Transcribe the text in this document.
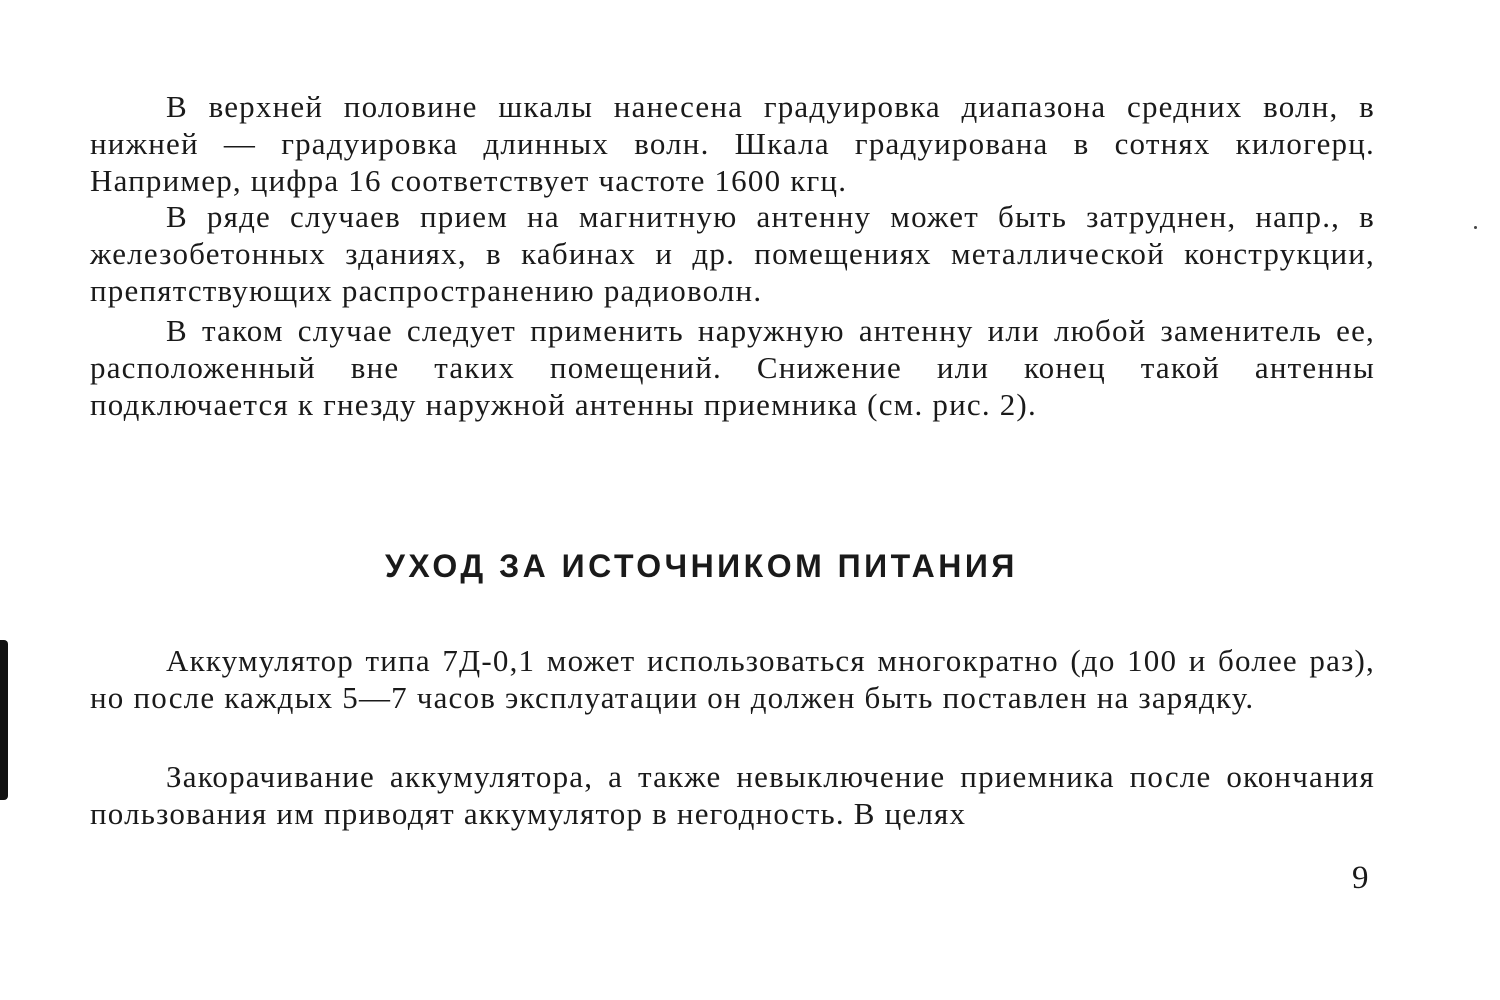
В верхней половине шкалы нанесена градуировка диапазона средних волн, в нижней — градуировка длинных волн. Шкала градуирована в сотнях килогерц. Например, цифра 16 соответствует частоте 1600 кгц.

В ряде случаев прием на магнитную антенну может быть затруднен, напр., в железобетонных зданиях, в кабинах и др. помещениях металлической конструкции, препятствующих распространению радиоволн.

В таком случае следует применить наружную антенну или любой заменитель ее, расположенный вне таких помещений. Снижение или конец такой антенны подключается к гнезду наружной антенны приемника (см. рис. 2).

УХОД ЗА ИСТОЧНИКОМ ПИТАНИЯ

Аккумулятор типа 7Д-0,1 может использоваться многократно (до 100 и более раз), но после каждых 5—7 часов эксплуатации он должен быть поставлен на зарядку.

Закорачивание аккумулятора, а также невыключение приемника после окончания пользования им приводят аккумулятор в негодность. В целях

9
